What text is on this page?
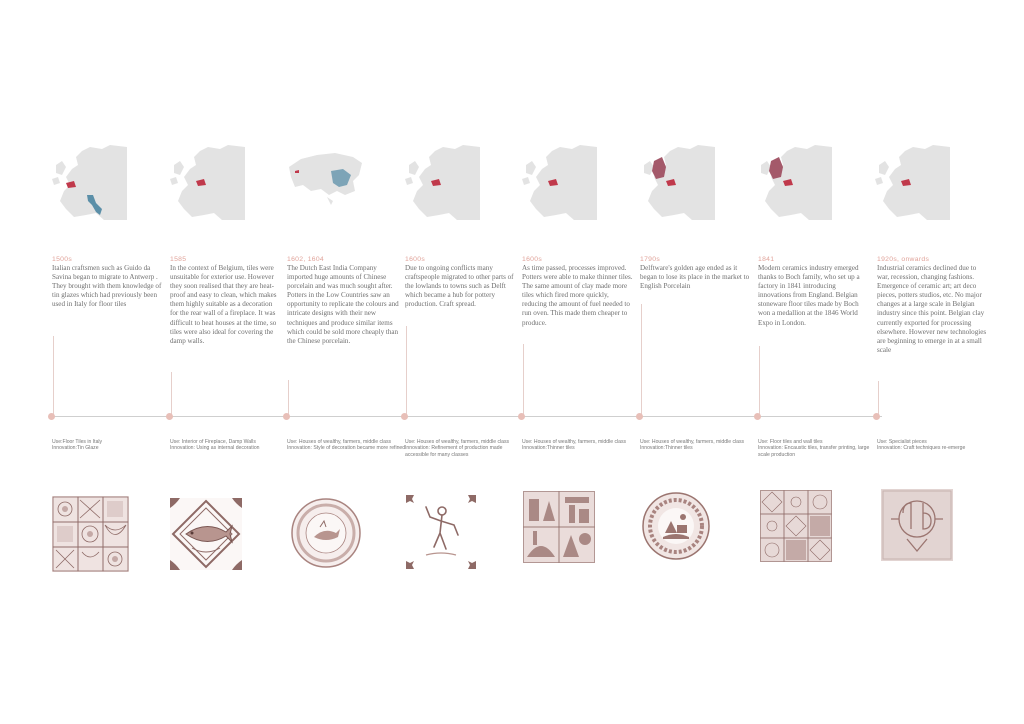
1500s
Italian craftsmen such as Guido da Savina began to migrate to Antwerp . They brought with them knowledge of tin glazes which had previously been used in Italy for floor tiles
Use:Floor Tiles in Italy
Innovation:Tin Glaze
1585
In the context of Belgium, tiles were unsuitable for exterior use. However they soon realised that they are heat-proof and easy to clean, which makes them highly suitable as a decoration for the rear wall of a fireplace. It was difficult to heat houses at the time, so tiles were also ideal for covering the damp walls.
Use: Interior of Fireplace, Damp Walls
Innovation: Using as internal decoration
1602, 1604
The Dutch East India Company imported huge amounts of Chinese porcelain and was much sought after. Potters in the Low Countries saw an opportunity to replicate the colours and intricate designs with their new techniques and produce similar items which could be sold more cheaply than the Chinese porcelain.
Use: Houses of wealthy, farmers, middle class
Innovation: Style of decoration became more refined
1600s
Due to ongoing conflicts many craftspeople migrated to other parts of the lowlands to towns such as Delft which became a hub for pottery production. Craft spread.
Use: Houses of wealthy, farmers, middle class
Innovation: Refinement of production made accessible for many classes
1600s
As time passed, processes improved. Potters were able to make thinner tiles. The same amount of clay made more tiles which fired more quickly, reducing the amount of fuel needed to run oven. This made them cheaper to produce.
Use: Houses of wealthy, farmers, middle class
Innovation:Thinner tiles
1790s
Delftware's golden age ended as it began to lose its place in the market to English Porcelain
Use: Houses of wealthy, farmers, middle class
Innovation:Thinner tiles
1841
Modern ceramics industry emerged thanks to Boch family, who set up a factory in 1841 introducing innovations from England. Belgian stoneware floor tiles made by Boch won a medallion at the 1846 World Expo in London.
Use: Floor tiles and wall tiles
Innovation: Encaustic tiles, transfer printing, large scale production
1920s, onwards
Industrial ceramics declined due to war, recession, changing fashions. Emergence of ceramic art; art deco pieces, potters studios, etc. No major changes at a large scale in Belgian industry since this point. Belgian clay currently exported for processing elsewhere. However new technologies are beginning to emerge in at a small scale
Use: Specialist pieces
Innovation: Craft techniques re-emerge
